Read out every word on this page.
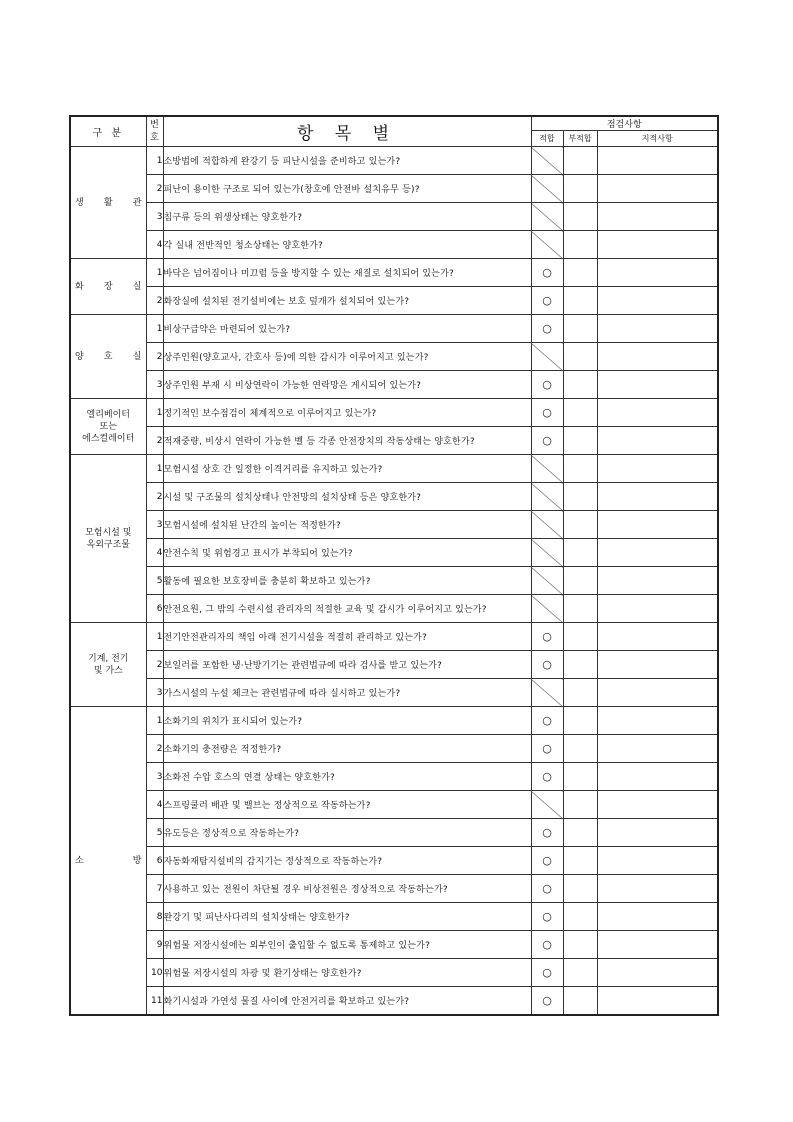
구 분	번
호	항 목 별	점검사항		
			적합	부적합	지적사항

생 활 관	1	소방법에 적합하게 완강기 등 피난시설을 준비하고 있는가?			
	2	피난이 용이한 구조로 되어 있는가(창호에 안전바 설치유무 등)?			
	3	침구류 등의 위생상태는 양호한가?			
	4	각 실내 전반적인 청소상태는 양호한가?			

화 장 실	1	바닥은 넘어짐이나 미끄럼 등을 방지할 수 있는 재질로 설치되어 있는가?	○		
	2	화장실에 설치된 전기설비에는 보호 덮개가 설치되어 있는가?	○		

양 호 실	1	비상구급약은 마련되어 있는가?	○		
	2	상주인원(양호교사, 간호사 등)에 의한 감시가 이루어지고 있는가?			
	3	상주인원 부재 시 비상연락이 가능한 연락망은 게시되어 있는가?	○		

엘리베이터
또는
에스컬레이터	1	정기적인 보수점검이 체계적으로 이루어지고 있는가?	○		
	2	적재중량, 비상시 연락이 가능한 벨 등 각종 안전장치의 작동상태는 양호한가?	○		

모험시설 및
옥외구조물	1	모험시설 상호 간 일정한 이격거리를 유지하고 있는가?			
	2	시설 및 구조물의 설치상태나 안전망의 설치상태 등은 양호한가?			
	3	모험시설에 설치된 난간의 높이는 적정한가?			
	4	안전수칙 및 위험경고 표시가 부착되어 있는가?			
	5	활동에 필요한 보호장비를 충분히 확보하고 있는가?			
	6	안전요원, 그 밖의 수련시설 관리자의 적절한 교육 및 감시가 이루어지고 있는가?			

기계, 전기
및 가스	1	전기안전관리자의 책임 아래 전기시설을 적절히 관리하고 있는가?	○		
	2	보일러를 포함한 냉·난방기기는 관련법규에 따라 검사를 받고 있는가?	○		
	3	가스시설의 누설 체크는 관련법규에 따라 실시하고 있는가?			

소 방	1	소화기의 위치가 표시되어 있는가?	○		
	2	소화기의 충전량은 적정한가?	○		
	3	소화전 수압 호스의 연결 상태는 양호한가?	○		
	4	스프링쿨러 배관 및 밸브는 정상적으로 작동하는가?			
	5	유도등은 정상적으로 작동하는가?	○		
	6	자동화재탐지설비의 감지기는 정상적으로 작동하는가?	○		
	7	사용하고 있는 전원이 차단될 경우 비상전원은 정상적으로 작동하는가?	○		
	8	완강기 및 피난사다리의 설치상태는 양호한가?	○		
	9	위험물 저장시설에는 외부인이 출입할 수 없도록 통제하고 있는가?	○		
	10	위험물 저장시설의 차광 및 환기상태는 양호한가?	○		
	11	화기시설과 가연성 물질 사이에 안전거리를 확보하고 있는가?	○		
